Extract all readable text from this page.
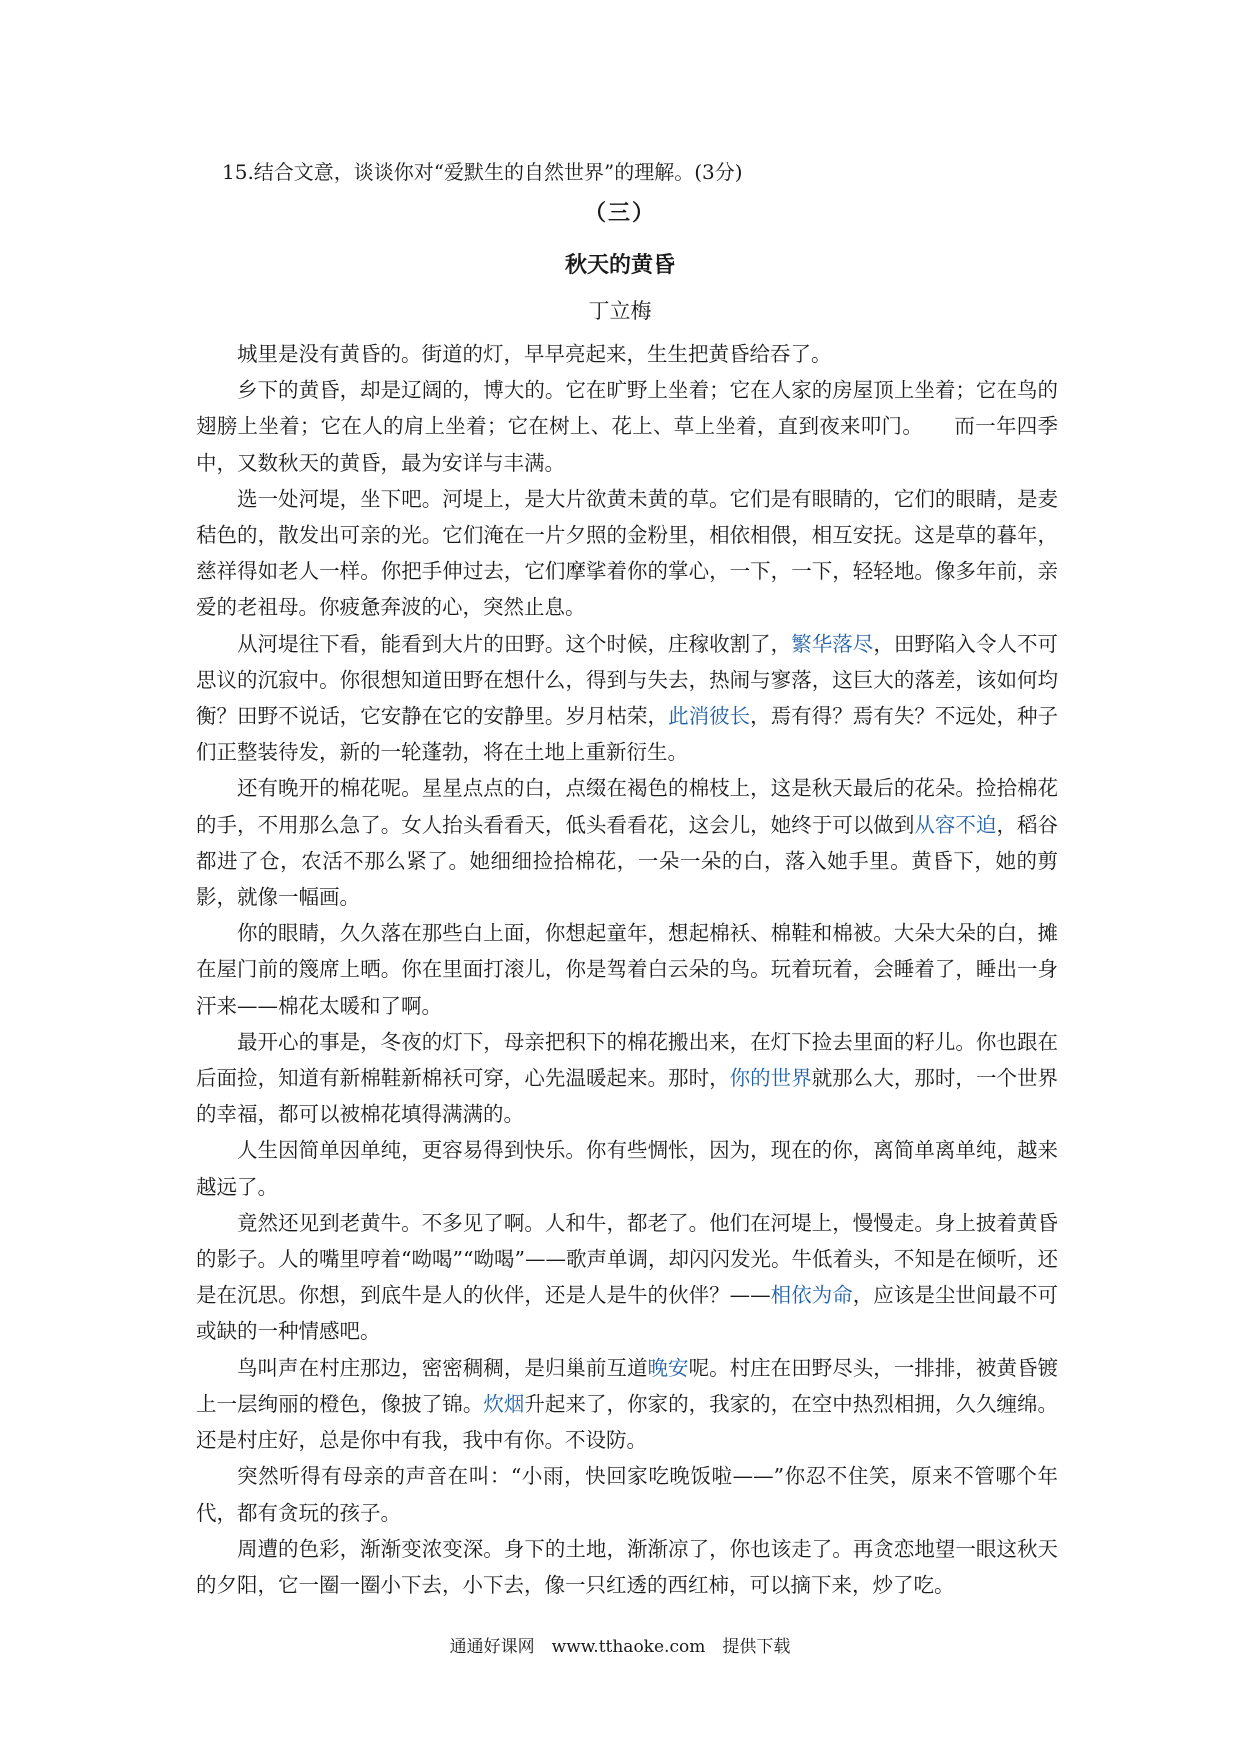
15.结合文意，谈谈你对“爱默生的自然世界”的理解。(3分)
（三）
秋天的黄昏
丁立梅

城里是没有黄昏的。街道的灯，早早亮起来，生生把黄昏给吞了。

乡下的黄昏，却是辽阔的，博大的。它在旷野上坐着；它在人家的房屋顶上坐着；它在鸟的翅膀上坐着；它在人的肩上坐着；它在树上、花上、草上坐着，直到夜来叩门。　　而一年四季中，又数秋天的黄昏，最为安详与丰满。

选一处河堤，坐下吧。河堤上，是大片欲黄未黄的草。它们是有眼睛的，它们的眼睛，是麦秸色的，散发出可亲的光。它们淹在一片夕照的金粉里，相依相偎，相互安抚。这是草的暮年，慈祥得如老人一样。你把手伸过去，它们摩挲着你的掌心，一下，一下，轻轻地。像多年前，亲爱的老祖母。你疲惫奔波的心，突然止息。

从河堤往下看，能看到大片的田野。这个时候，庄稼收割了，繁华落尽，田野陷入令人不可思议的沉寂中。你很想知道田野在想什么，得到与失去，热闹与寥落，这巨大的落差，该如何均衡？田野不说话，它安静在它的安静里。岁月枯荣，此消彼长，焉有得？焉有失？不远处，种子们正整装待发，新的一轮蓬勃，将在土地上重新衍生。

还有晚开的棉花呢。星星点点的白，点缀在褐色的棉枝上，这是秋天最后的花朵。捡拾棉花的手，不用那么急了。女人抬头看看天，低头看看花，这会儿，她终于可以做到从容不迫，稻谷都进了仓，农活不那么紧了。她细细捡拾棉花，一朵一朵的白，落入她手里。黄昏下，她的剪影，就像一幅画。

你的眼睛，久久落在那些白上面，你想起童年，想起棉袄、棉鞋和棉被。大朵大朵的白，摊在屋门前的篾席上晒。你在里面打滚儿，你是驾着白云朵的鸟。玩着玩着，会睡着了，睡出一身汗来——棉花太暖和了啊。

最开心的事是，冬夜的灯下，母亲把积下的棉花搬出来，在灯下捡去里面的籽儿。你也跟在后面捡，知道有新棉鞋新棉袄可穿，心先温暖起来。那时，你的世界就那么大，那时，一个世界的幸福，都可以被棉花填得满满的。

人生因简单因单纯，更容易得到快乐。你有些惆怅，因为，现在的你，离简单离单纯，越来越远了。

竟然还见到老黄牛。不多见了啊。人和牛，都老了。他们在河堤上，慢慢走。身上披着黄昏的影子。人的嘴里哼着“呦喝”“呦喝”——歌声单调，却闪闪发光。牛低着头，不知是在倾听，还是在沉思。你想，到底牛是人的伙伴，还是人是牛的伙伴？——相依为命，应该是尘世间最不可或缺的一种情感吧。

鸟叫声在村庄那边，密密稠稠，是归巢前互道晚安呢。村庄在田野尽头，一排排，被黄昏镀上一层绚丽的橙色，像披了锦。炊烟升起来了，你家的，我家的，在空中热烈相拥，久久缠绵。还是村庄好，总是你中有我，我中有你。不设防。

突然听得有母亲的声音在叫：“小雨，快回家吃晚饭啦——”你忍不住笑，原来不管哪个年代，都有贪玩的孩子。

周遭的色彩，渐渐变浓变深。身下的土地，渐渐凉了，你也该走了。再贪恋地望一眼这秋天的夕阳，它一圈一圈小下去，小下去，像一只红透的西红柿，可以摘下来，炒了吃。

通通好课网　www.tthaoke.com　提供下载
